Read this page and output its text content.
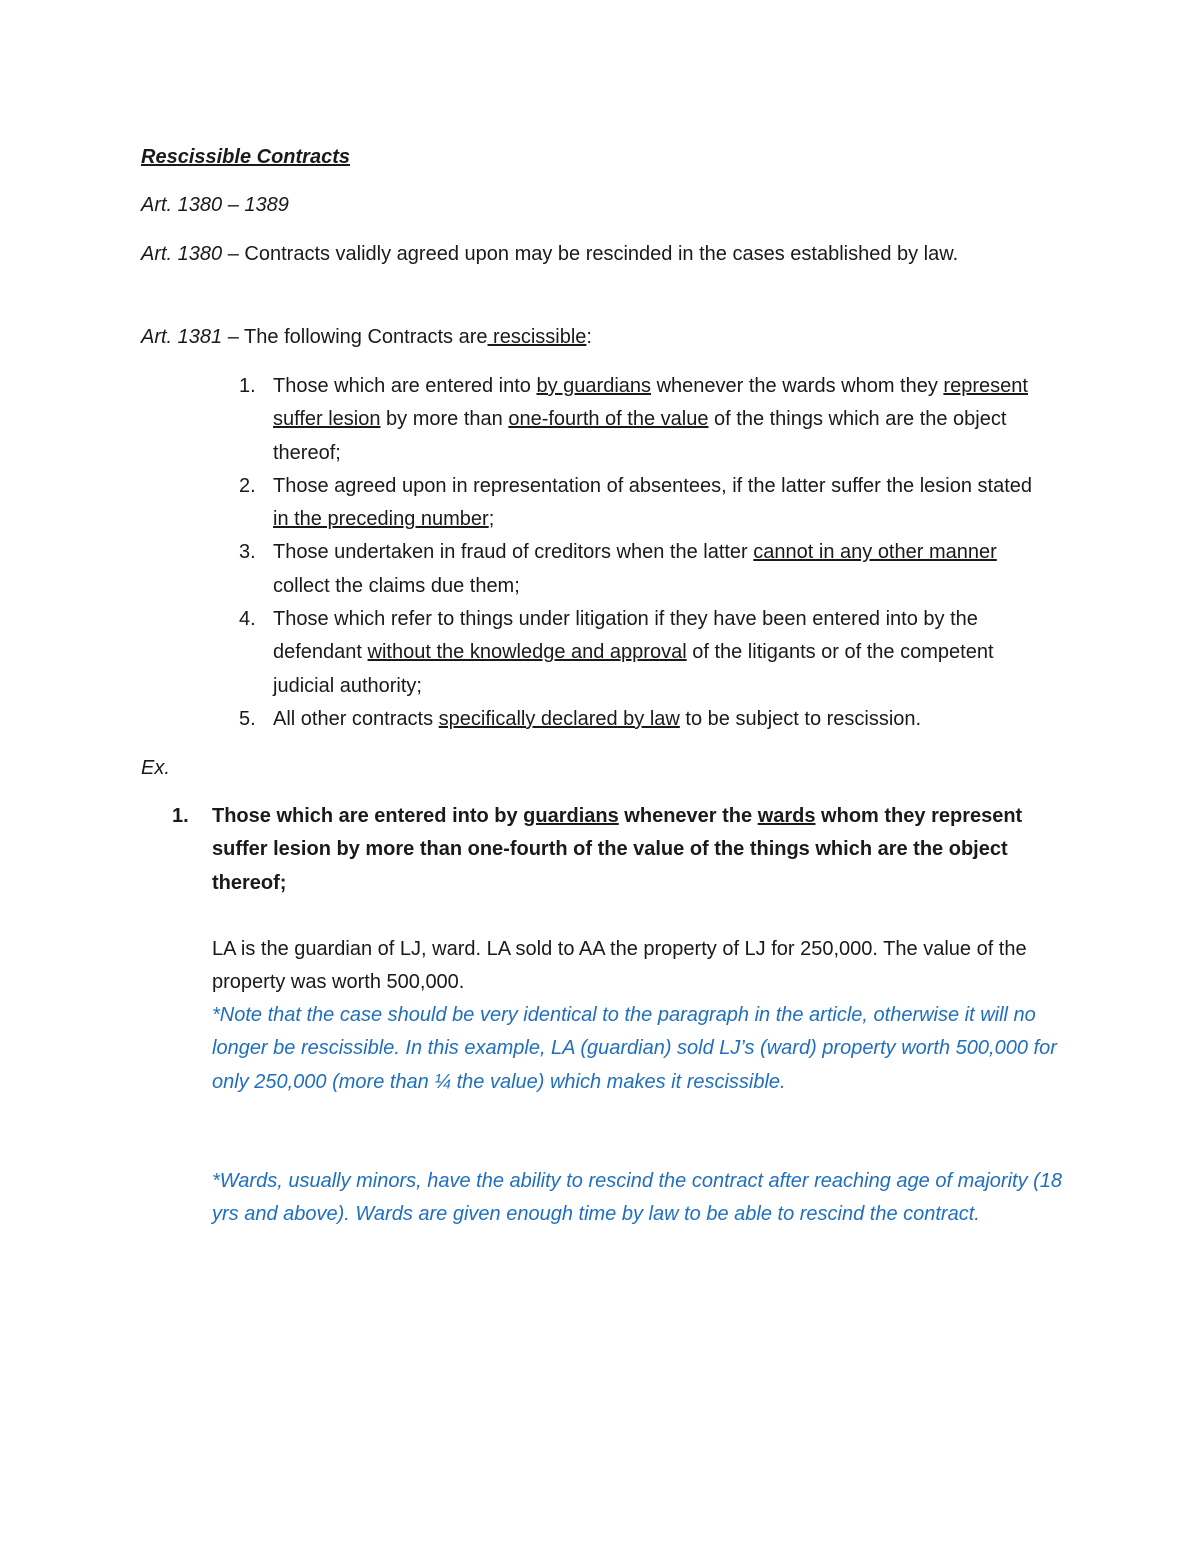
Rescissible Contracts

Art. 1380 – 1389

Art. 1380 – Contracts validly agreed upon may be rescinded in the cases established by law.

Art. 1381 – The following Contracts are rescissible:

1. Those which are entered into by guardians whenever the wards whom they represent suffer lesion by more than one-fourth of the value of the things which are the object thereof;
2. Those agreed upon in representation of absentees, if the latter suffer the lesion stated in the preceding number;
3. Those undertaken in fraud of creditors when the latter cannot in any other manner collect the claims due them;
4. Those which refer to things under litigation if they have been entered into by the defendant without the knowledge and approval of the litigants or of the competent judicial authority;
5. All other contracts specifically declared by law to be subject to rescission.

Ex.

1. Those which are entered into by guardians whenever the wards whom they represent suffer lesion by more than one-fourth of the value of the things which are the object thereof;
LA is the guardian of LJ, ward. LA sold to AA the property of LJ for 250,000. The value of the property was worth 500,000.
*Note that the case should be very identical to the paragraph in the article, otherwise it will no longer be rescissible. In this example, LA (guardian) sold LJ’s (ward) property worth 500,000 for only 250,000 (more than ¼ the value) which makes it rescissible.
*Wards, usually minors, have the ability to rescind the contract after reaching age of majority (18 yrs and above). Wards are given enough time by law to be able to rescind the contract.
